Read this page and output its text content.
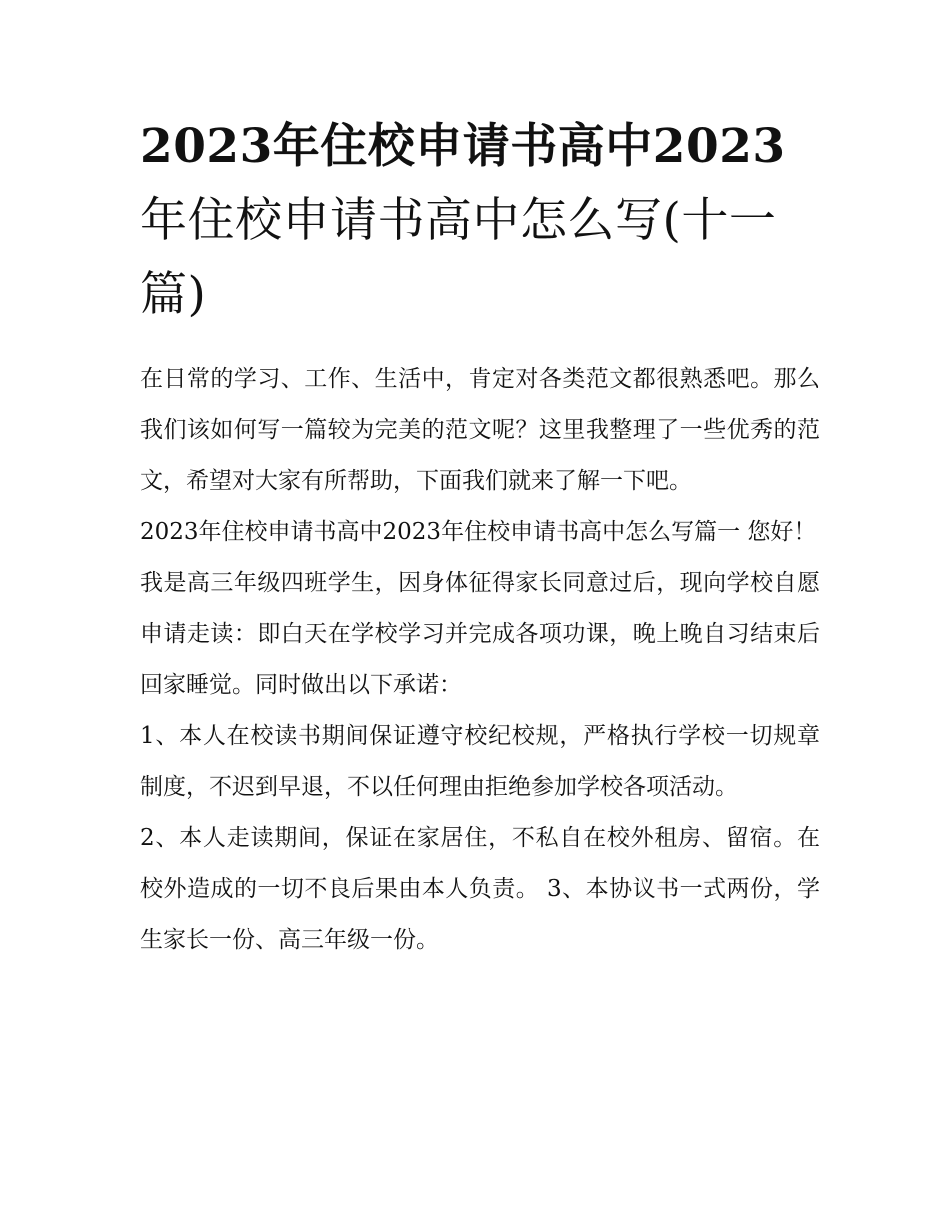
2023年住校申请书高中2023
年住校申请书高中怎么写(十一篇)

在日常的学习、工作、生活中，肯定对各类范文都很熟悉吧。那么我们该如何写一篇较为完美的范文呢？这里我整理了一些优秀的范文，希望对大家有所帮助，下面我们就来了解一下吧。

2023年住校申请书高中2023年住校申请书高中怎么写篇一 您好！

我是高三年级四班学生，因身体征得家长同意过后，现向学校自愿申请走读：即白天在学校学习并完成各项功课，晚上晚自习结束后回家睡觉。同时做出以下承诺：

1、本人在校读书期间保证遵守校纪校规，严格执行学校一切规章制度，不迟到早退，不以任何理由拒绝参加学校各项活动。

2、本人走读期间，保证在家居住，不私自在校外租房、留宿。在校外造成的一切不良后果由本人负责。 3、本协议书一式两份，学生家长一份、高三年级一份。
